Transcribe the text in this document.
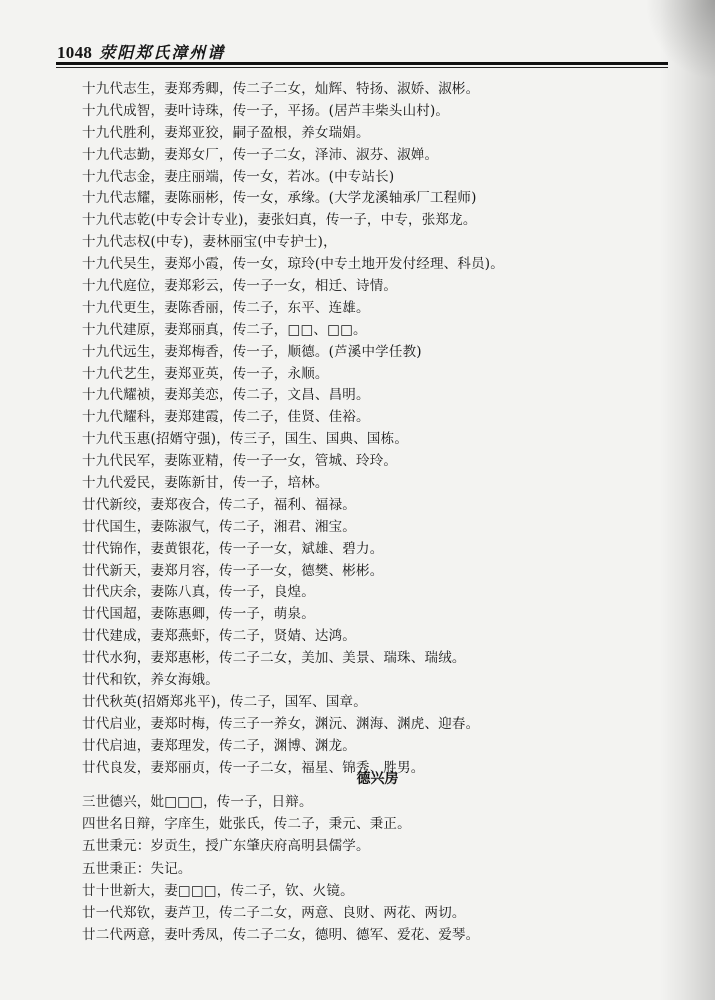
1048 荥阳郑氏漳州谱
十九代志生，妻郑秀卿，传二子二女，灿辉、特扬、淑娇、淑彬。
十九代成智，妻叶诗珠，传一子，平扬。(居芦丰柴头山村)。
十九代胜利，妻郑亚狡，嗣子盈根，养女瑞娟。
十九代志勤，妻郑女厂，传一子二女，泽沛、淑芬、淑婵。
十九代志金，妻庄丽端，传一女，若冰。(中专站长)
十九代志耀，妻陈丽彬，传一女，承缘。(大学龙溪轴承厂工程师)
十九代志乾(中专会计专业)，妻张妇真，传一子，中专，张郑龙。
十九代志权(中专)，妻林丽宝(中专护士)，
十九代吴生，妻郑小霞，传一女，琼玲(中专土地开发付经理、科员)。
十九代庭位，妻郑彩云，传一子一女，相迁、诗情。
十九代更生，妻陈香丽，传二子，东平、连雄。
十九代建原，妻郑丽真，传二子，□□、□□。
十九代远生，妻郑梅香，传一子，顺德。(芦溪中学任教)
十九代艺生，妻郑亚英，传一子，永顺。
十九代耀祯，妻郑美恋，传二子，文昌、昌明。
十九代耀科，妻郑建霞，传二子，佳贤、佳裕。
十九代玉惠(招婿守强)，传三子，国生、国典、国栋。
十九代民军，妻陈亚精，传一子一女，管城、玲玲。
十九代爱民，妻陈新甘，传一子，培林。
廿代新绞，妻郑夜合，传二子，福利、福禄。
廿代国生，妻陈淑气，传二子，湘君、湘宝。
廿代锦作，妻黄银花，传一子一女，斌雄、碧力。
廿代新天，妻郑月容，传一子一女，德樊、彬彬。
廿代庆余，妻陈八真，传一子，良煌。
廿代国超，妻陈惠卿，传一子，萌泉。
廿代建成，妻郑燕虾，传二子，贤婧、达鸿。
廿代水狗，妻郑惠彬，传二子二女，美加、美景、瑞珠、瑞绒。
廿代和钦，养女海娥。
廿代秋英(招婿郑兆平)，传二子，国军、国章。
廿代启业，妻郑时梅，传三子一养女，渊沅、渊海、渊虎、迎春。
廿代启迪，妻郑理发，传二子，渊博、渊龙。
廿代良发，妻郑丽贞，传一子二女，福星、锦秀、胜男。
德兴房
三世德兴，妣□□□，传一子，日辩。
四世名日辩，字庠生，妣张氏，传二子，秉元、秉正。
五世秉元：岁贡生，授广东肇庆府高明县儒学。
五世秉正：失记。
廿十世新大，妻□□□，传二子，钦、火镜。
廿一代郑钦，妻芦卫，传二子二女，两意、良财、两花、两切。
廿二代两意，妻叶秀凤，传二子二女，德明、德军、爱花、爱琴。
